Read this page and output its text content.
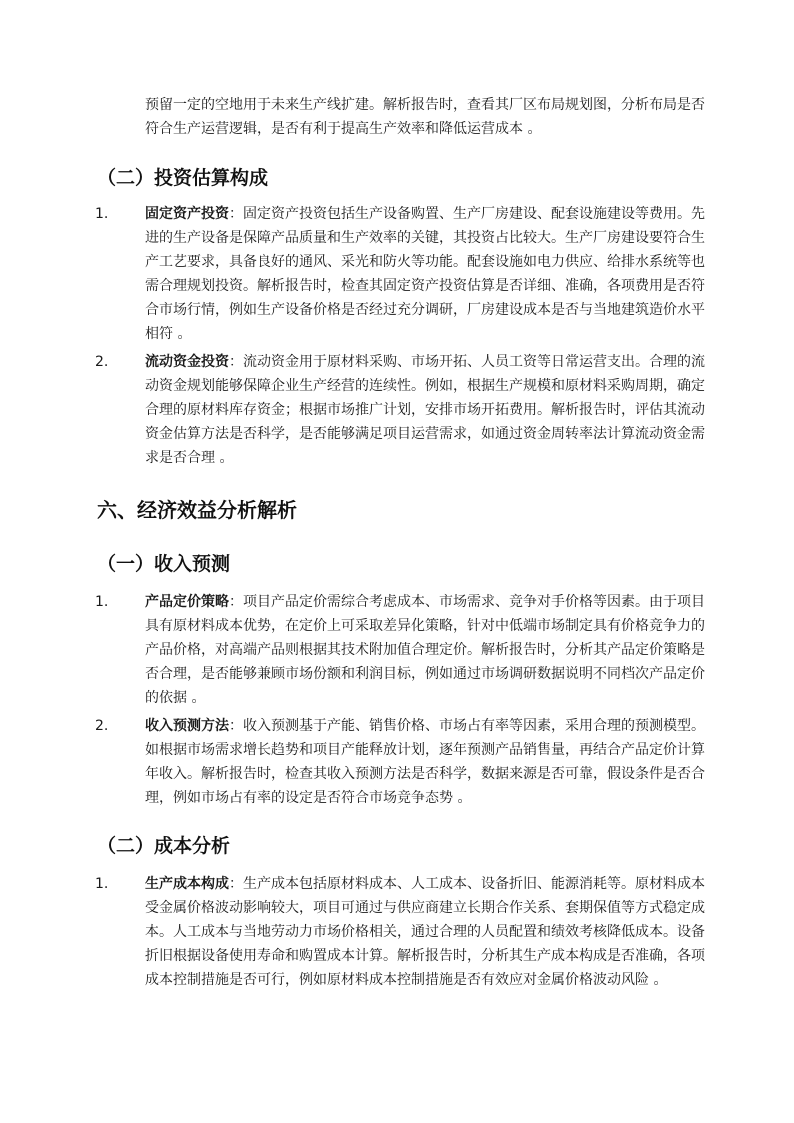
预留一定的空地用于未来生产线扩建。解析报告时，查看其厂区布局规划图，分析布局是否符合生产运营逻辑，是否有利于提高生产效率和降低运营成本 。

（二）投资估算构成
1.	固定资产投资：固定资产投资包括生产设备购置、生产厂房建设、配套设施建设等费用。先进的生产设备是保障产品质量和生产效率的关键，其投资占比较大。生产厂房建设要符合生产工艺要求，具备良好的通风、采光和防火等功能。配套设施如电力供应、给排水系统等也需合理规划投资。解析报告时，检查其固定资产投资估算是否详细、准确，各项费用是否符合市场行情，例如生产设备价格是否经过充分调研，厂房建设成本是否与当地建筑造价水平相符 。
2.	流动资金投资：流动资金用于原材料采购、市场开拓、人员工资等日常运营支出。合理的流动资金规划能够保障企业生产经营的连续性。例如，根据生产规模和原材料采购周期，确定合理的原材料库存资金；根据市场推广计划，安排市场开拓费用。解析报告时，评估其流动资金估算方法是否科学，是否能够满足项目运营需求，如通过资金周转率法计算流动资金需求是否合理 。
六、经济效益分析解析
（一）收入预测
1.	产品定价策略：项目产品定价需综合考虑成本、市场需求、竞争对手价格等因素。由于项目具有原材料成本优势，在定价上可采取差异化策略，针对中低端市场制定具有价格竞争力的产品价格，对高端产品则根据其技术附加值合理定价。解析报告时，分析其产品定价策略是否合理，是否能够兼顾市场份额和利润目标，例如通过市场调研数据说明不同档次产品定价的依据 。
2.	收入预测方法：收入预测基于产能、销售价格、市场占有率等因素，采用合理的预测模型。如根据市场需求增长趋势和项目产能释放计划，逐年预测产品销售量，再结合产品定价计算年收入。解析报告时，检查其收入预测方法是否科学，数据来源是否可靠，假设条件是否合理，例如市场占有率的设定是否符合市场竞争态势 。
（二）成本分析
1.	生产成本构成：生产成本包括原材料成本、人工成本、设备折旧、能源消耗等。原材料成本受金属价格波动影响较大，项目可通过与供应商建立长期合作关系、套期保值等方式稳定成本。人工成本与当地劳动力市场价格相关，通过合理的人员配置和绩效考核降低成本。设备折旧根据设备使用寿命和购置成本计算。解析报告时，分析其生产成本构成是否准确，各项成本控制措施是否可行，例如原材料成本控制措施是否有效应对金属价格波动风险 。
